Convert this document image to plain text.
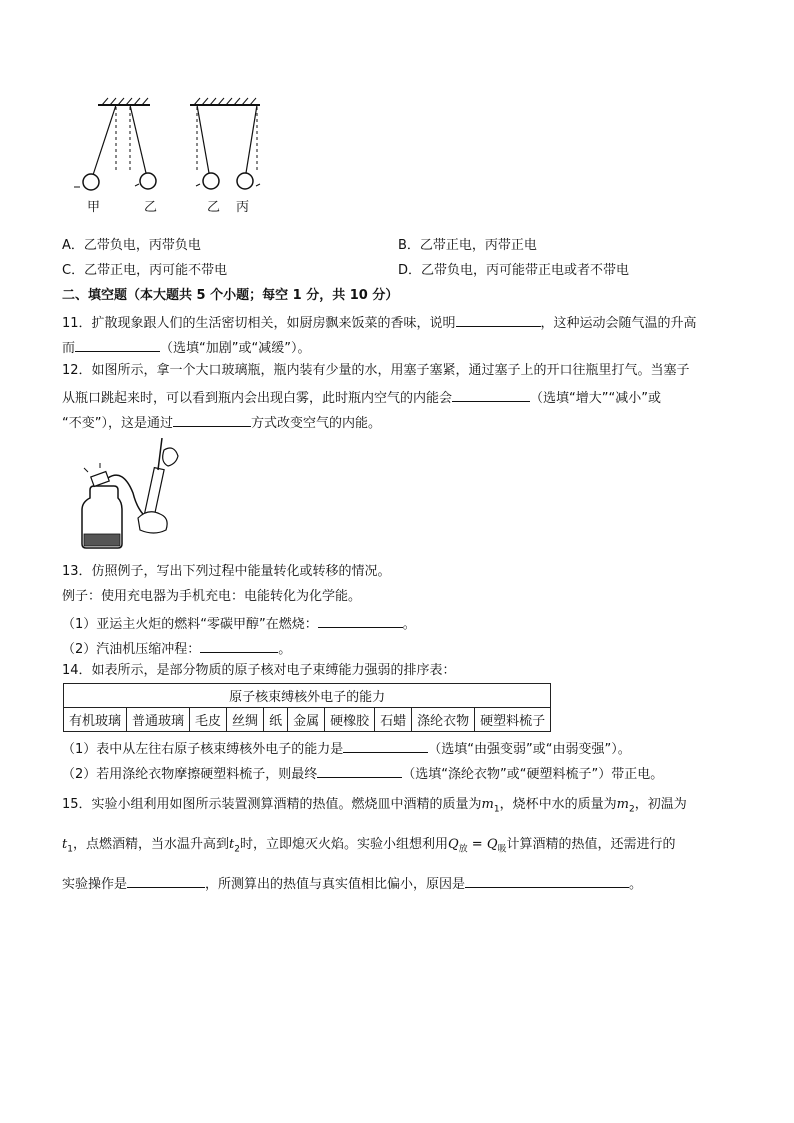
甲	乙	乙 丙
A．乙带负电，丙带负电	B．乙带正电，丙带正电
C．乙带正电，丙可能不带电	D．乙带负电，丙可能带正电或者不带电
二、填空题（本大题共 5 个小题；每空 1 分，共 10 分）
11．扩散现象跟人们的生活密切相关，如厨房飘来饭菜的香味，说明	，这种运动会随气温的升高
而	（选填“加剧”或“减缓”）。
12．如图所示，拿一个大口玻璃瓶，瓶内装有少量的水，用塞子塞紧，通过塞子上的开口往瓶里打气。当塞子
从瓶口跳起来时，可以看到瓶内会出现白雾，此时瓶内空气的内能会	（选填“增大”“减小”或
“不变”），这是通过	方式改变空气的内能。
13．仿照例子，写出下列过程中能量转化或转移的情况。
例子：使用充电器为手机充电：电能转化为化学能。
（1）亚运主火炬的燃料“零碳甲醇”在燃烧：	。
（2）汽油机压缩冲程：	。
14．如表所示，是部分物质的原子核对电子束缚能力强弱的排序表：
原子核束缚核外电子的能力
有机玻璃	普通玻璃	毛皮	丝绸	纸	金属	硬橡胶	石蜡	涤纶衣物	硬塑料梳子
（1）表中从左往右原子核束缚核外电子的能力是	（选填“由强变弱”或“由弱变强”）。
（2）若用涤纶衣物摩擦硬塑料梳子，则最终	（选填“涤纶衣物”或“硬塑料梳子”）带正电。
15．实验小组利用如图所示装置测算酒精的热值。燃烧皿中酒精的质量为$m_1$，烧杯中水的质量为$m_2$，初温为
$t_1$，点燃酒精，当水温升高到$t_2$时，立即熄灭火焰。实验小组想利用$Q_放 = Q_吸$计算酒精的热值，还需进行的
实验操作是	，所测算出的热值与真实值相比偏小，原因是	。
